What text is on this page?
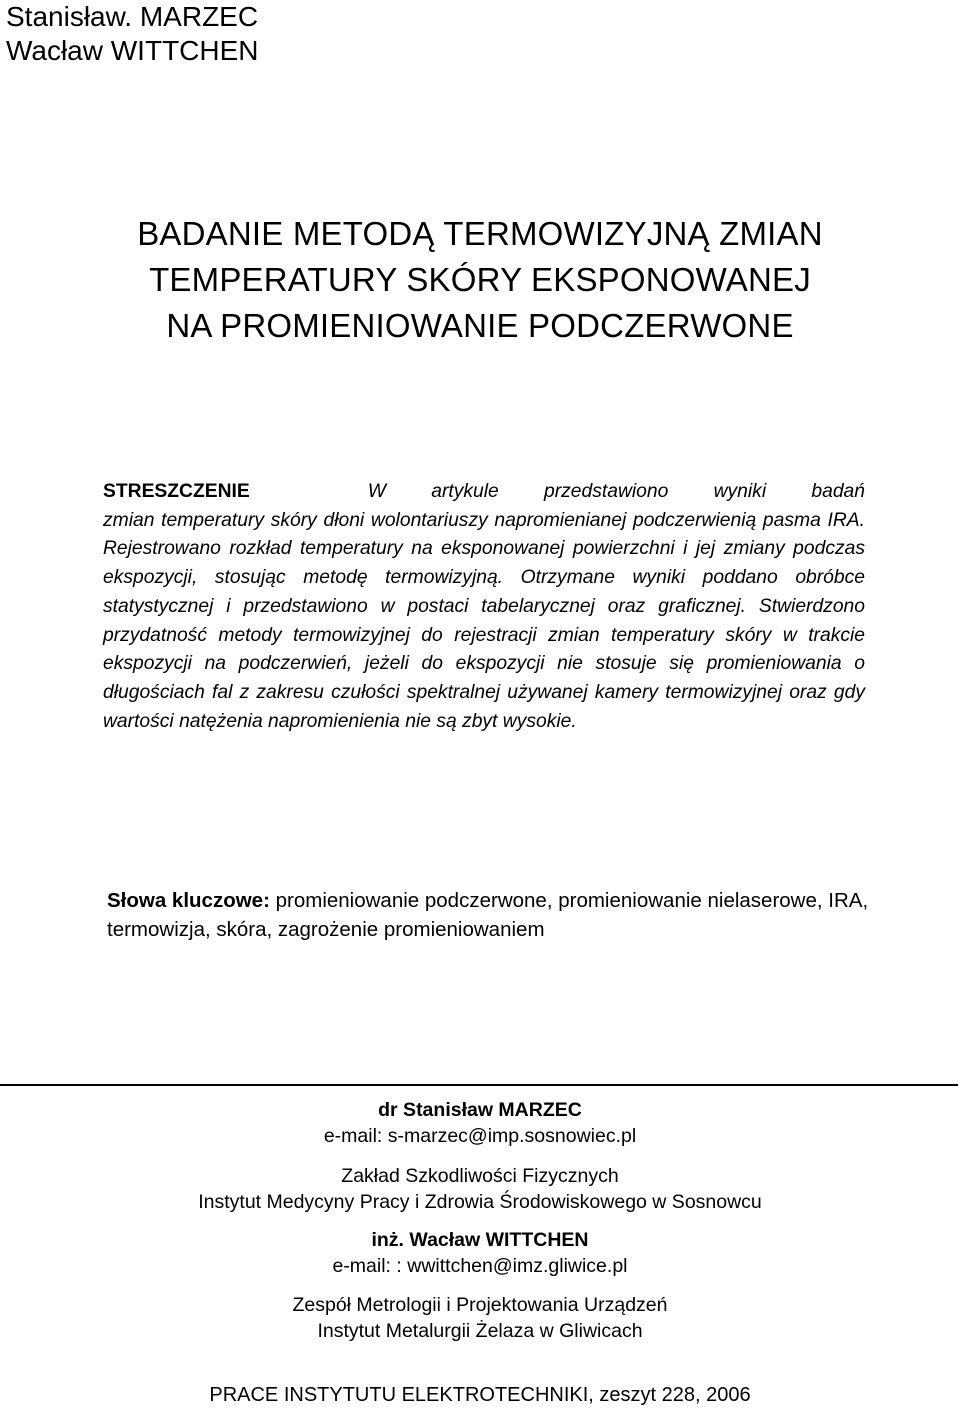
Stanisław. MARZEC
Wacław WITTCHEN
BADANIE METODĄ TERMOWIZYJNĄ ZMIAN
TEMPERATURY SKÓRY EKSPONOWANEJ
NA PROMIENIOWANIE PODCZERWONE
STRESZCZENIE	W artykule przedstawiono wyniki badań
zmian temperatury skóry dłoni wolontariuszy napromienianej podczerwienią pasma IRA. Rejestrowano rozkład temperatury na eksponowanej powierzchni i jej zmiany podczas ekspozycji, stosując metodę termowizyjną. Otrzymane wyniki poddano obróbce statystycznej i przedstawiono w postaci tabelarycznej oraz graficznej. Stwierdzono przydatność metody termowizyjnej do rejestracji zmian temperatury skóry w trakcie ekspozycji na podczerwień, jeżeli do ekspozycji nie stosuje się promieniowania o długościach fal z zakresu czułości spektralnej używanej kamery termowizyjnej oraz gdy wartości natężenia napromienienia nie są zbyt wysokie.
Słowa kluczowe: promieniowanie podczerwone, promieniowanie nielaserowe, IRA, termowizja, skóra, zagrożenie promieniowaniem
dr Stanisław MARZEC
e-mail: s-marzec@imp.sosnowiec.pl
Zakład Szkodliwości Fizycznych
Instytut Medycyny Pracy i Zdrowia Środowiskowego w Sosnowcu
inż. Wacław WITTCHEN
e-mail: : wwittchen@imz.gliwice.pl
Zespół Metrologii i Projektowania Urządzeń
Instytut Metalurgii Żelaza w Gliwicach
PRACE INSTYTUTU ELEKTROTECHNIKI, zeszyt 228, 2006
